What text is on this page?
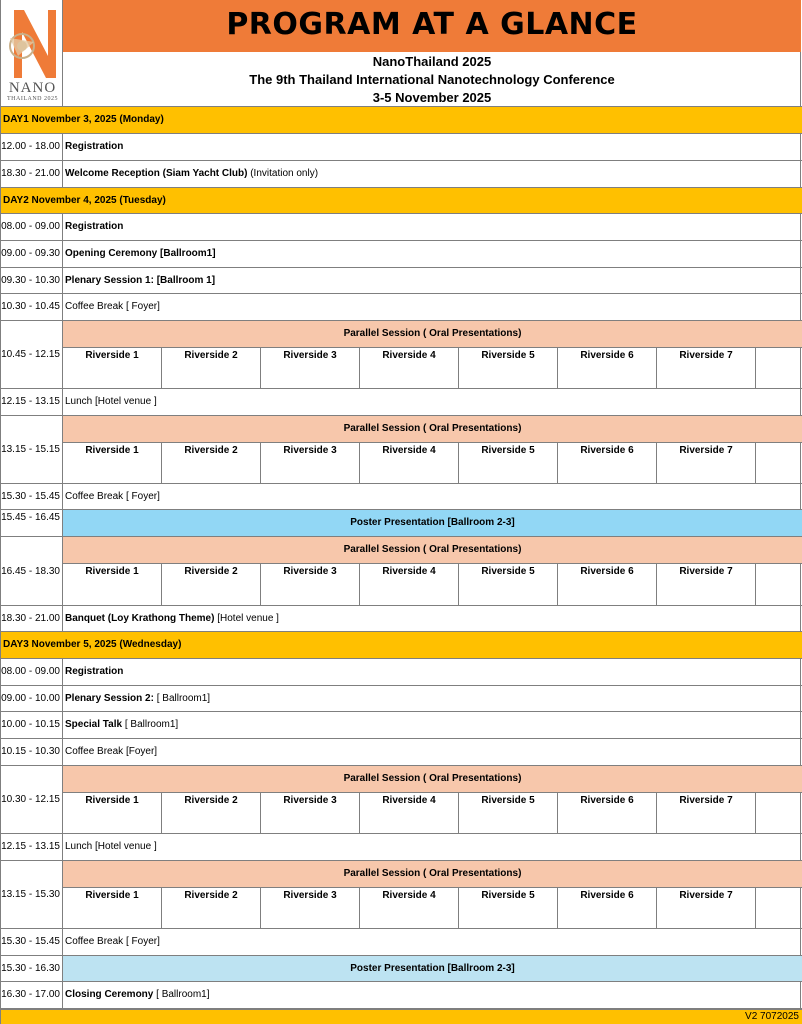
NANO
THAILAND 2025
PROGRAM AT A GLANCE
NanoThailand 2025
The 9th Thailand International Nanotechnology Conference
3-5 November 2025
DAY1 November 3, 2025 (Monday)
12.00 - 18.00 Registration
18.30 - 21.00 Welcome Reception (Siam Yacht Club) (Invitation only)
DAY2 November 4, 2025 (Tuesday)
08.00 - 09.00 Registration
09.00 - 09.30 Opening Ceremony [Ballroom1]
09.30 - 10.30 Plenary Session 1: [Ballroom 1]
10.30 - 10.45 Coffee Break [ Foyer]
10.45 - 12.15
Parallel Session ( Oral Presentations)
Riverside 1	Riverside 2	Riverside 3	Riverside 4	Riverside 5	Riverside 6	Riverside 7
12.15 - 13.15 Lunch [Hotel venue ]
13.15 - 15.15
Parallel Session ( Oral Presentations)
Riverside 1	Riverside 2	Riverside 3	Riverside 4	Riverside 5	Riverside 6	Riverside 7
15.30 - 15.45 Coffee Break [ Foyer]
15.45 - 16.45	Poster Presentation [Ballroom 2-3]
16.45 - 18.30
Parallel Session ( Oral Presentations)
Riverside 1	Riverside 2	Riverside 3	Riverside 4	Riverside 5	Riverside 6	Riverside 7
18.30 - 21.00 Banquet (Loy Krathong Theme) [Hotel venue ]
DAY3 November 5, 2025 (Wednesday)
08.00 - 09.00 Registration
09.00 - 10.00 Plenary Session 2: [ Ballroom1]
10.00 - 10.15 Special Talk [ Ballroom1]
10.15 - 10.30 Coffee Break [Foyer]
10.30 - 12.15
Parallel Session ( Oral Presentations)
Riverside 1	Riverside 2	Riverside 3	Riverside 4	Riverside 5	Riverside 6	Riverside 7
12.15 - 13.15 Lunch [Hotel venue ]
13.15 - 15.30
Parallel Session ( Oral Presentations)
Riverside 1	Riverside 2	Riverside 3	Riverside 4	Riverside 5	Riverside 6	Riverside 7
15.30 - 15.45 Coffee Break [ Foyer]
15.30 - 16.30	Poster Presentation [Ballroom 2-3]
16.30 - 17.00 Closing Ceremony [ Ballroom1]
V2 7072025
